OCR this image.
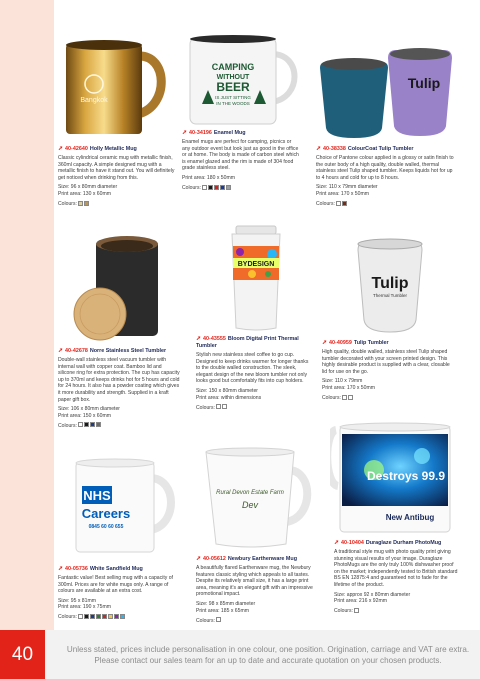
Bangkok
CAMPING
WITHOUT
BEER
IS JUST SITTING
IN THE WOODS
Tulip
BYDESIGN
Tulip
Thermal Tumbler
NHS
Careers
0845 60 60 655
Rural Devon Estate Farm
Dev
Destroys 99.9
New Antibug
➚ 40-42640 Holly Metallic Mug
Classic cylindrical ceramic mug with metallic finish, 360ml capacity. A simple designed mug with a metallic finish to have it stand out. You will definitely get noticed when drinking from this.
Size: 96 x 80mm diameter
Print area: 130 x 60mm
Colours:
➚ 40-34196 Enamel Mug
Enamel mugs are perfect for camping, picnics or any outdoor event but look just as good in the office or at home. The body is made of carbon steel which is enamel glazed and the rim is made of 304 food grade stainless steel.
Print area: 180 x 50mm
Colours:
➚ 40-38338 ColourCoat Tulip Tumbler
Choice of Pantone colour applied in a glossy or satin finish to the outer body of a high quality, double walled, thermal stainless steel Tulip shaped tumbler. Keeps liquids hot for up to 4 hours and cold for up to 8 hours.
Size: 110 x 79mm diameter
Print area: 170 x 50mm
Colours:
➚ 40-42678 Norre Stainless Steel Tumbler
Double-wall stainless steel vacuum tumbler with internal wall with copper coat. Bamboo lid and silicone ring for extra protection. The cup has capacity up to 370ml and keeps drinks hot for 5 hours and cold for 24 hours. It also has a powder coating which gives it more durability and strength. Supplied in a kraft paper gift box.
Size: 106 x 80mm diameter
Print area: 150 x 60mm
Colours:
➚ 40-43555 Bloom Digital Print Thermal Tumbler
Stylish new stainless steel coffee to go cup. Designed to keep drinks warmer for longer thanks to the double walled construction. The sleek, elegant design of the new bloom tumbler not only looks good but comfortably fits into cup holders.
Size: 150 x 80mm diameter
Print area: within dimensions
Colours:
➚ 40-40959 Tulip Tumbler
High quality, double walled, stainless steel Tulip shaped tumbler decorated with your screen printed design. This highly desirable product is supplied with a clear, closable lid for use on the go.
Size: 110 x 79mm
Print area: 170 x 50mm
Colours:
➚ 40-05736 White Sandfield Mug
Fantastic value! Best selling mug with a capacity of 300ml. Prices are for white mugs only. A range of colours are available at an extra cost.
Size: 95 x 81mm
Print area: 190 x 75mm
Colours:
➚ 40-05612 Newbury Earthenware Mug
A beautifully flared Earthenware mug, the Newbury features classic styling which appeals to all tastes. Despite its relatively small size, it has a large print area, meaning it's an elegant gift with an impressive promotional impact.
Size: 98 x 85mm diameter
Print area: 185 x 65mm
Colours:
➚ 40-10404 Duraglaze Durham PhotoMug
A traditional style mug with photo quality print giving stunning visual results of your image. Duraglaze PhotoMugs are the only truly 100% dishwasher proof on the market; independently tested to British standard BS EN 12875:4 and guaranteed not to fade for the lifetime of the product.
Size: approx 92 x 80mm diameter
Print area: 216 x 92mm
Colours:
40	Unless stated, prices include personalisation in one colour, one position. Origination, carriage and VAT are extra.
Please contact our sales team for an up to date and accurate quotation on your chosen products.
